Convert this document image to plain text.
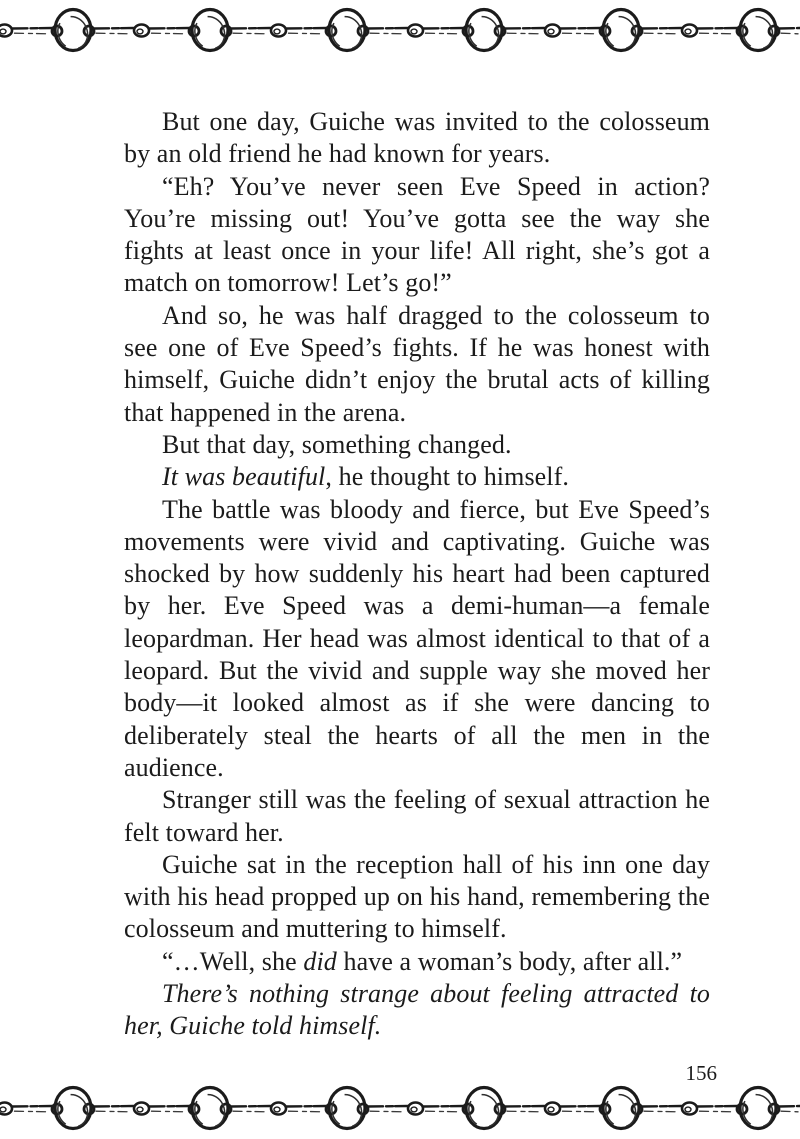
But one day, Guiche was invited to the colosseum by an old friend he had known for years.

“Eh? You’ve never seen Eve Speed in action? You’re missing out! You’ve gotta see the way she fights at least once in your life! All right, she’s got a match on tomorrow! Let’s go!”

And so, he was half dragged to the colosseum to see one of Eve Speed’s fights. If he was honest with himself, Guiche didn’t enjoy the brutal acts of killing that happened in the arena.

But that day, something changed.

It was beautiful, he thought to himself.

The battle was bloody and fierce, but Eve Speed’s movements were vivid and captivating. Guiche was shocked by how suddenly his heart had been captured by her. Eve Speed was a demi-human—a female leopardman. Her head was almost identical to that of a leopard. But the vivid and supple way she moved her body—it looked almost as if she were dancing to deliberately steal the hearts of all the men in the audience.

Stranger still was the feeling of sexual attraction he felt toward her.

Guiche sat in the reception hall of his inn one day with his head propped up on his hand, remembering the colosseum and muttering to himself.

“…Well, she did have a woman’s body, after all.”

There’s nothing strange about feeling attracted to her, Guiche told himself.

156
